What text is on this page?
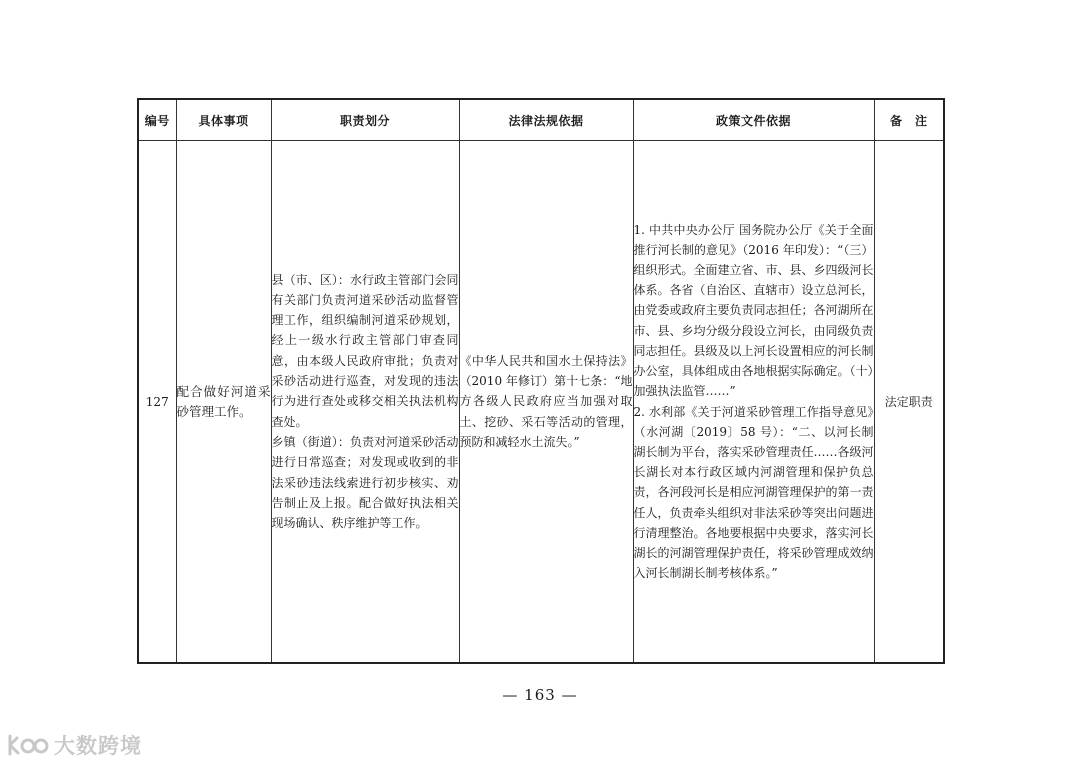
编号	具体事项	职责划分	法律法规依据	政策文件依据	备　注
127	配合做好河道采砂管理工作。	县（市、区）：水行政主管部门会同有关部门负责河道采砂活动监督管理工作，组织编制河道采砂规划，经上一级水行政主管部门审查同意，由本级人民政府审批；负责对采砂活动进行巡查，对发现的违法行为进行查处或移交相关执法机构查处。
乡镇（街道）：负责对河道采砂活动进行日常巡查；对发现或收到的非法采砂违法线索进行初步核实、劝告制止及上报。配合做好执法相关现场确认、秩序维护等工作。	《中华人民共和国水土保持法》（2010 年修订）第十七条：“地方各级人民政府应当加强对取土、挖砂、采石等活动的管理，预防和减轻水土流失。”	1. 中共中央办公厅 国务院办公厅《关于全面推行河长制的意见》（2016 年印发）：“（三）组织形式。全面建立省、市、县、乡四级河长体系。各省（自治区、直辖市）设立总河长，由党委或政府主要负责同志担任；各河湖所在市、县、乡均分级分段设立河长，由同级负责同志担任。县级及以上河长设置相应的河长制办公室，具体组成由各地根据实际确定。（十）加强执法监管……”
2. 水利部《关于河道采砂管理工作指导意见》　（水河湖〔2019〕58 号）：“二、以河长制湖长制为平台，落实采砂管理责任……各级河长湖长对本行政区域内河湖管理和保护负总责，各河段河长是相应河湖管理保护的第一责任人，负责牵头组织对非法采砂等突出问题进行清理整治。各地要根据中央要求，落实河长湖长的河湖管理保护责任，将采砂管理成效纳入河长制湖长制考核体系。”	法定职责
— 163 —
大数跨境
